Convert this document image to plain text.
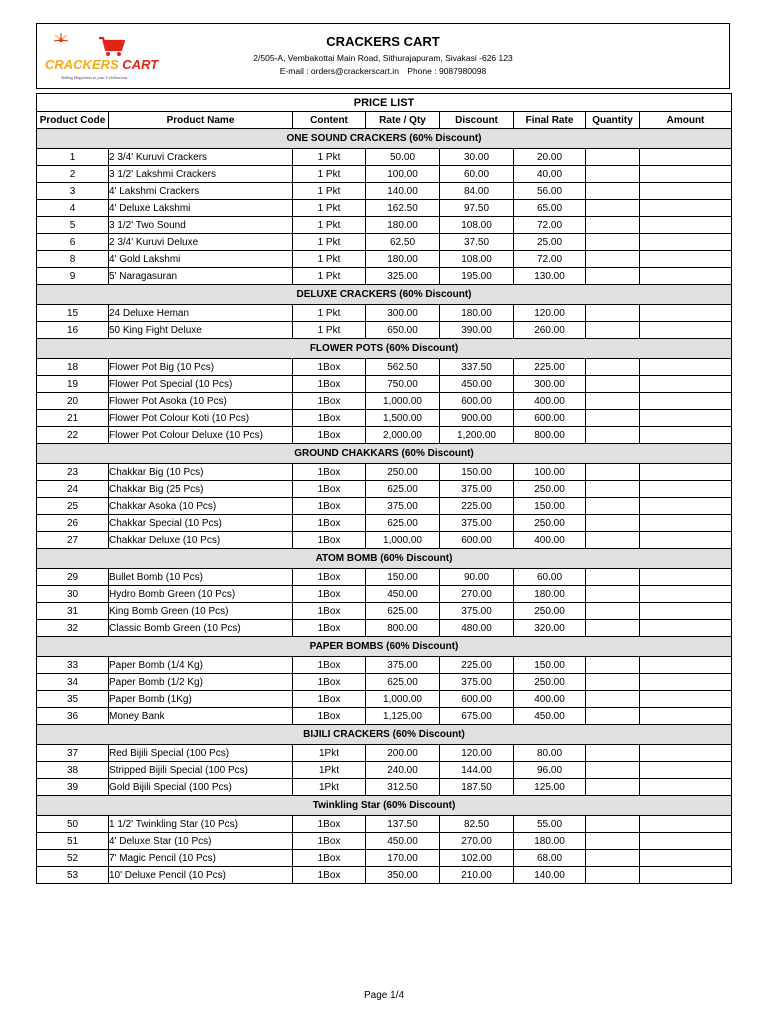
CRACKERS CART
Adding Happiness to your Celebrations
CRACKERS CART
2/505-A, Vembakottai Main Road, Sithurajapuram, Sivakasi -626 123
E-mail : orders@crackerscart.in Phone : 9087980098
PRICE LIST							
Product Code	Product Name	Content	Rate / Qty	Discount	Final Rate	Quantity	Amount
ONE SOUND CRACKERS (60% Discount)							
1	2 3/4' Kuruvi Crackers	1 Pkt	50.00	30.00	20.00		
2	3 1/2' Lakshmi Crackers	1 Pkt	100.00	60.00	40.00		
3	4' Lakshmi Crackers	1 Pkt	140.00	84.00	56.00		
4	4' Deluxe Lakshmi	1 Pkt	162.50	97.50	65.00		
5	3 1/2' Two Sound	1 Pkt	180.00	108.00	72.00		
6	2 3/4' Kuruvi Deluxe	1 Pkt	62.50	37.50	25.00		
8	4' Gold Lakshmi	1 Pkt	180.00	108.00	72.00		
9	5' Naragasuran	1 Pkt	325.00	195.00	130.00		
DELUXE CRACKERS (60% Discount)							
15	24 Deluxe Heman	1 Pkt	300.00	180.00	120.00		
16	50 King Fight Deluxe	1 Pkt	650.00	390.00	260.00		
FLOWER POTS (60% Discount)							
18	Flower Pot Big (10 Pcs)	1Box	562.50	337.50	225.00		
19	Flower Pot Special (10 Pcs)	1Box	750.00	450.00	300.00		
20	Flower Pot Asoka (10 Pcs)	1Box	1,000.00	600.00	400.00		
21	Flower Pot Colour Koti (10 Pcs)	1Box	1,500.00	900.00	600.00		
22	Flower Pot Colour Deluxe (10 Pcs)	1Box	2,000.00	1,200.00	800.00		
GROUND CHAKKARS (60% Discount)							
23	Chakkar Big (10 Pcs)	1Box	250.00	150.00	100.00		
24	Chakkar Big (25 Pcs)	1Box	625.00	375.00	250.00		
25	Chakkar Asoka (10 Pcs)	1Box	375.00	225.00	150.00		
26	Chakkar Special (10 Pcs)	1Box	625.00	375.00	250.00		
27	Chakkar Deluxe (10 Pcs)	1Box	1,000.00	600.00	400.00		
ATOM BOMB (60% Discount)							
29	Bullet Bomb (10 Pcs)	1Box	150.00	90.00	60.00		
30	Hydro Bomb Green (10 Pcs)	1Box	450.00	270.00	180.00		
31	King Bomb Green (10 Pcs)	1Box	625.00	375.00	250.00		
32	Classic Bomb Green (10 Pcs)	1Box	800.00	480.00	320.00		
PAPER BOMBS (60% Discount)							
33	Paper Bomb (1/4 Kg)	1Box	375.00	225.00	150.00		
34	Paper Bomb (1/2 Kg)	1Box	625.00	375.00	250.00		
35	Paper Bomb (1Kg)	1Box	1,000.00	600.00	400.00		
36	Money Bank	1Box	1,125.00	675.00	450.00		
BIJILI CRACKERS (60% Discount)							
37	Red Bijili Special (100 Pcs)	1Pkt	200.00	120.00	80.00		
38	Stripped Bijili Special (100 Pcs)	1Pkt	240.00	144.00	96.00		
39	Gold Bijili Special (100 Pcs)	1Pkt	312.50	187.50	125.00		
Twinkling Star (60% Discount)							
50	1 1/2' Twinkling Star (10 Pcs)	1Box	137.50	82.50	55.00		
51	4' Deluxe Star (10 Pcs)	1Box	450.00	270.00	180.00		
52	7' Magic Pencil (10 Pcs)	1Box	170.00	102.00	68.00		
53	10' Deluxe Pencil (10 Pcs)	1Box	350.00	210.00	140.00		
Page 1/4
